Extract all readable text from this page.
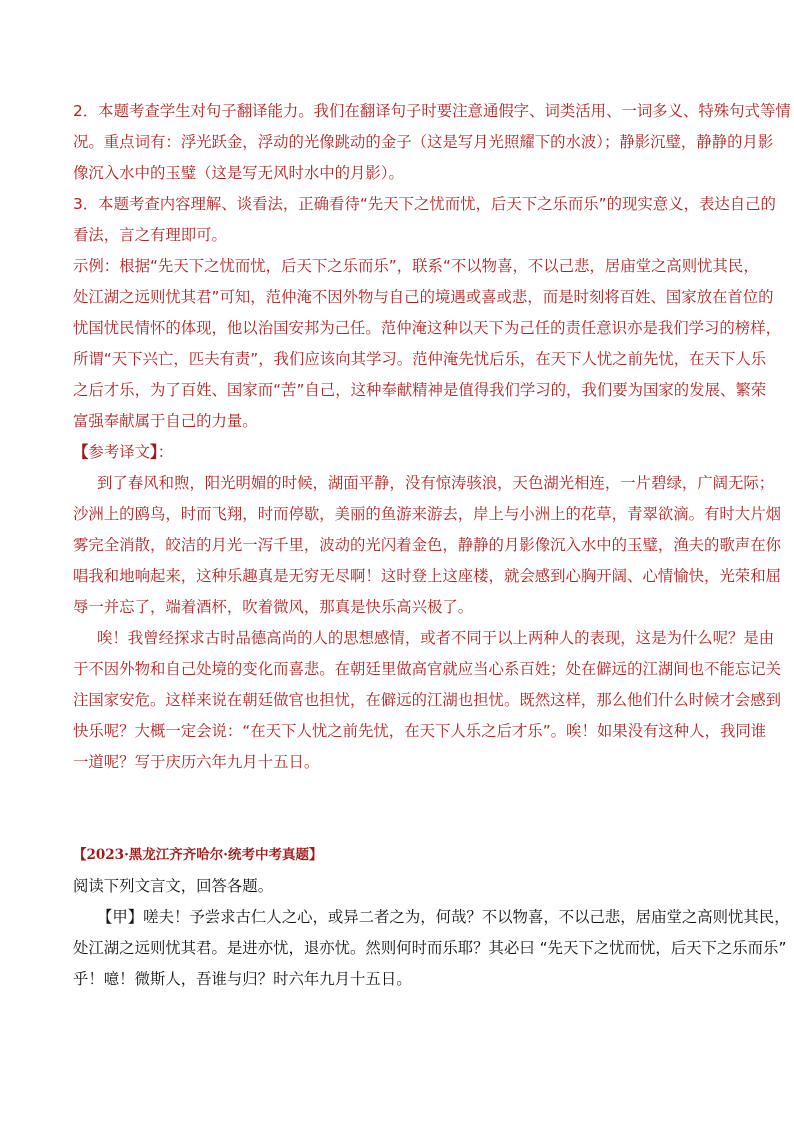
2．本题考查学生对句子翻译能力。我们在翻译句子时要注意通假字、词类活用、一词多义、特殊句式等情

况。重点词有：浮光跃金，浮动的光像跳动的金子（这是写月光照耀下的水波）；静影沉璧，静静的月影

像沉入水中的玉璧（这是写无风时水中的月影）。

3．本题考查内容理解、谈看法，正确看待“先天下之忧而忧，后天下之乐而乐”的现实意义，表达自己的

看法，言之有理即可。

示例：根据“先天下之忧而忧，后天下之乐而乐”，联系“不以物喜，不以己悲，居庙堂之高则忧其民，

处江湖之远则忧其君”可知，范仲淹不因外物与自己的境遇或喜或悲，而是时刻将百姓、国家放在首位的

忧国忧民情怀的体现，他以治国安邦为己任。范仲淹这种以天下为己任的责任意识亦是我们学习的榜样，

所谓“天下兴亡，匹夫有责”，我们应该向其学习。范仲淹先忧后乐，在天下人忧之前先忧，在天下人乐

之后才乐，为了百姓、国家而“苦”自己，这种奉献精神是值得我们学习的，我们要为国家的发展、繁荣

富强奉献属于自己的力量。

【参考译文】：

到了春风和煦，阳光明媚的时候，湖面平静，没有惊涛骇浪，天色湖光相连，一片碧绿，广阔无际；

沙洲上的鸥鸟，时而飞翔，时而停歇，美丽的鱼游来游去，岸上与小洲上的花草，青翠欲滴。有时大片烟

雾完全消散，皎洁的月光一泻千里，波动的光闪着金色，静静的月影像沉入水中的玉璧，渔夫的歌声在你

唱我和地响起来，这种乐趣真是无穷无尽啊！这时登上这座楼，就会感到心胸开阔、心情愉快，光荣和屈

辱一并忘了，端着酒杯，吹着微风，那真是快乐高兴极了。

唉！我曾经探求古时品德高尚的人的思想感情，或者不同于以上两种人的表现，这是为什么呢？是由

于不因外物和自己处境的变化而喜悲。在朝廷里做高官就应当心系百姓；处在僻远的江湖间也不能忘记关

注国家安危。这样来说在朝廷做官也担忧，在僻远的江湖也担忧。既然这样，那么他们什么时候才会感到

快乐呢？大概一定会说：“在天下人忧之前先忧，在天下人乐之后才乐”。唉！如果没有这种人，我同谁

一道呢？写于庆历六年九月十五日。

【2023·黑龙江齐齐哈尔·统考中考真题】

阅读下列文言文，回答各题。

【甲】嗟夫！予尝求古仁人之心，或异二者之为，何哉？不以物喜，不以己悲，居庙堂之高则忧其民，

处江湖之远则忧其君。是进亦忧，退亦忧。然则何时而乐耶？其必曰 “先天下之忧而忧，后天下之乐而乐”

乎！噫！微斯人，吾谁与归？时六年九月十五日。
